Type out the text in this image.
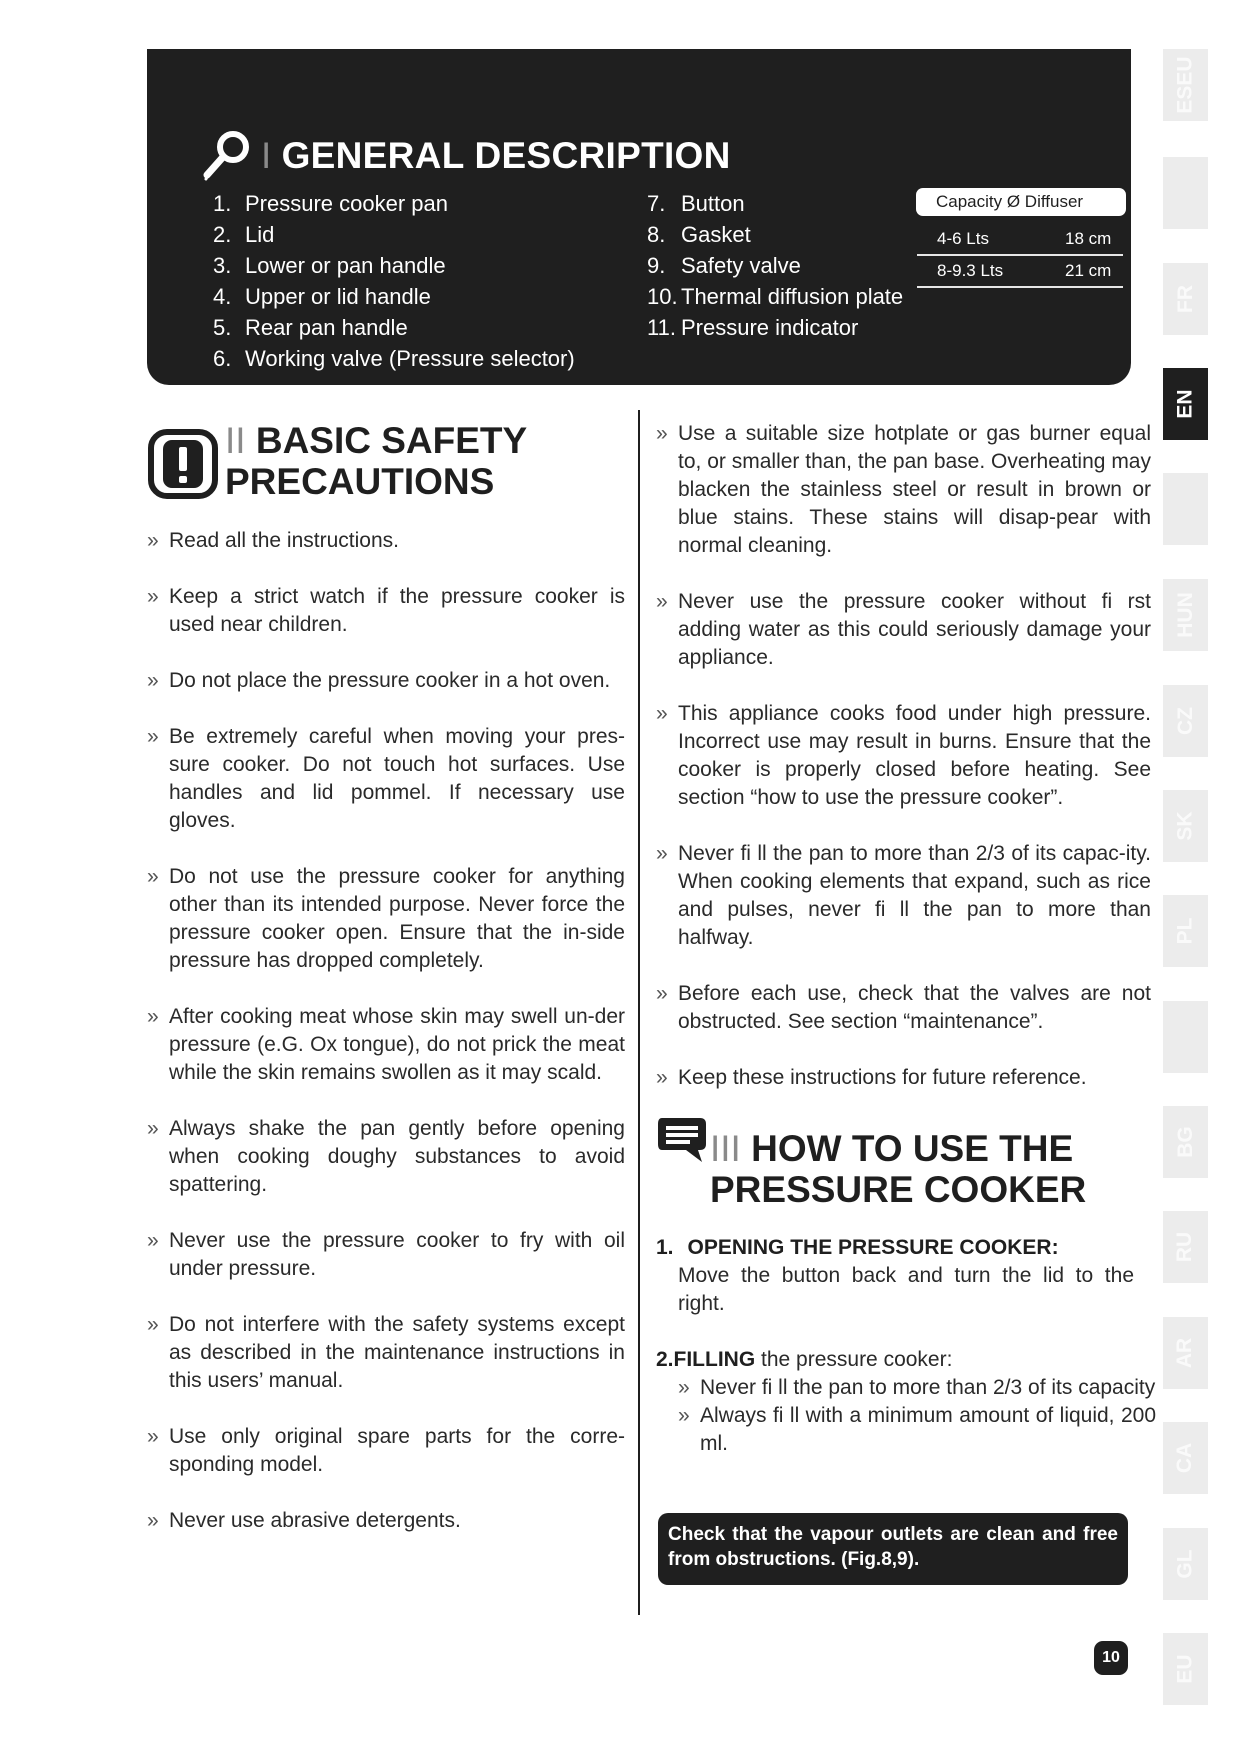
I GENERAL DESCRIPTION
1. Pressure cooker pan
2. Lid
3. Lower or pan handle
4. Upper or lid handle
5. Rear pan handle
6. Working valve (Pressure selector)
7. Button
8. Gasket
9. Safety valve
10. Thermal diffusion plate
11. Pressure indicator
Capacity Ø Diffuser
4-6 Lts	18 cm
8-9.3 Lts	21 cm
II BASIC SAFETY
PRECAUTIONS

» Read all the instructions.

» Keep a strict watch if the pressure cooker is used near children.

» Do not place the pressure cooker in a hot oven.

» Be extremely careful when moving your pres-sure cooker. Do not touch hot surfaces. Use handles and lid pommel. If necessary use gloves.

» Do not use the pressure cooker for anything other than its intended purpose. Never force the pressure cooker open. Ensure that the in-side pressure has dropped completely.

» After cooking meat whose skin may swell un-der pressure (e.G. Ox tongue), do not prick the meat while the skin remains swollen as it may scald.

» Always shake the pan gently before opening when cooking doughy substances to avoid spattering.

» Never use the pressure cooker to fry with oil under pressure.

» Do not interfere with the safety systems except as described in the maintenance instructions in this users’ manual.

» Use only original spare parts for the corre-sponding model.

» Never use abrasive detergents.

» Use a suitable size hotplate or gas burner equal to, or smaller than, the pan base. Overheating may blacken the stainless steel or result in brown or blue stains. These stains will disap-pear with normal cleaning.

» Never use the pressure cooker without fi rst adding water as this could seriously damage your appliance.

» This appliance cooks food under high pressure. Incorrect use may result in burns. Ensure that the cooker is properly closed before heating. See section “how to use the pressure cooker”.

» Never fi ll the pan to more than 2/3 of its capac-ity. When cooking elements that expand, such as rice and pulses, never fi ll the pan to more than halfway.

» Before each use, check that the valves are not obstructed. See section “maintenance”.

» Keep these instructions for future reference.

III HOW TO USE THE
PRESSURE COOKER
1. OPENING THE PRESSURE COOKER:
Move the button back and turn the lid to the right.
2.FILLING the pressure cooker:

» Never fi ll the pan to more than 2/3 of its capacity

» Always fi ll with a minimum amount of liquid, 200 ml.

Check that the vapour outlets are clean and free from obstructions. (Fig.8,9).
ESEU
FR
EN
HUN
CZ
SK
PL
BG
RU
AR
CA
GL
EU
10
